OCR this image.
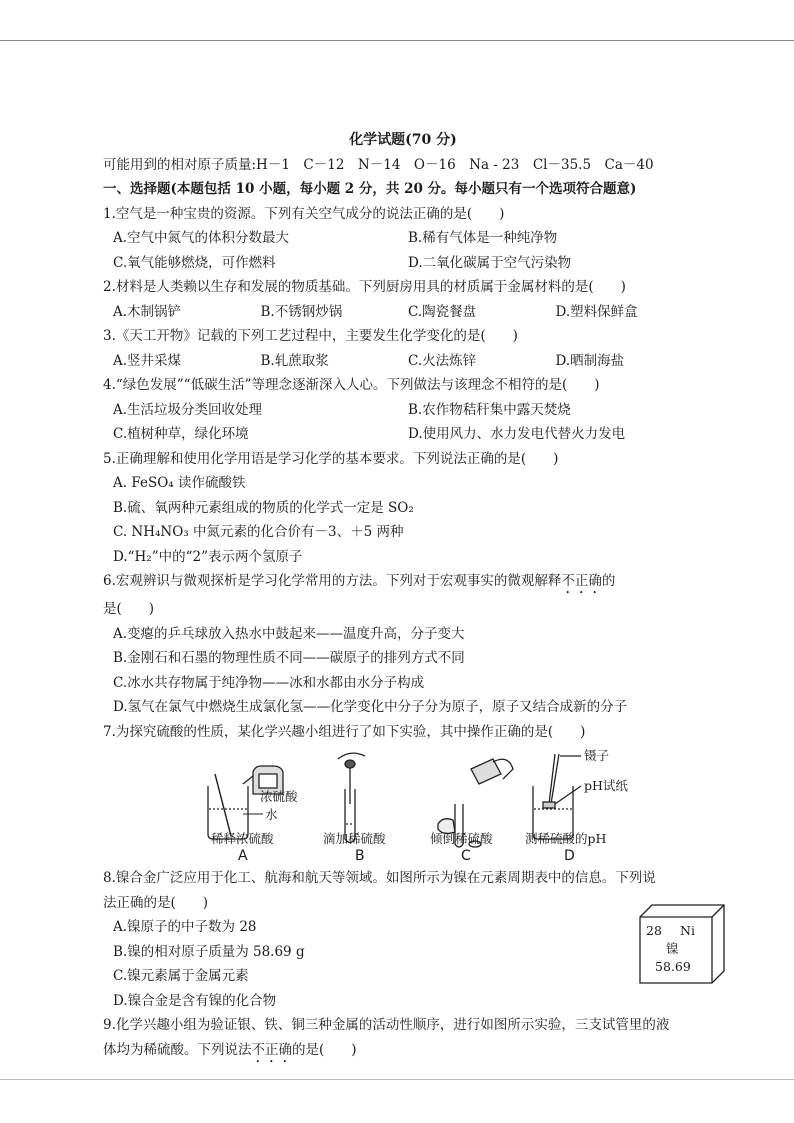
化学试题(70 分)
可能用到的相对原子质量:H－1　C－12　N－14　O－16　Na - 23　Cl－35.5　Ca－40
一、选择题(本题包括 10 小题，每小题 2 分，共 20 分。每小题只有一个选项符合题意)
1.空气是一种宝贵的资源。下列有关空气成分的说法正确的是(　　)
A.空气中氮气的体积分数最大	B.稀有气体是一种纯净物
C.氧气能够燃烧，可作燃料	D.二氧化碳属于空气污染物
2.材料是人类赖以生存和发展的物质基础。下列厨房用具的材质属于金属材料的是(　　)
A.木制锅铲	B.不锈钢炒锅	C.陶瓷餐盘	D.塑料保鲜盒
3.《天工开物》记载的下列工艺过程中，主要发生化学变化的是(　　)
A.竖井采煤	B.轧蔗取浆	C.火法炼锌	D.晒制海盐
4.“绿色发展”“低碳生活”等理念逐渐深入人心。下列做法与该理念不相符的是(　　)
A.生活垃圾分类回收处理	B.农作物秸秆集中露天焚烧
C.植树种草，绿化环境	D.使用风力、水力发电代替火力发电
5.正确理解和使用化学用语是学习化学的基本要求。下列说法正确的是(　　)
A. FeSO₄ 读作硫酸铁
B.硫、氧两种元素组成的物质的化学式一定是 SO₂
C. NH₄NO₃ 中氮元素的化合价有－3、＋5 两种
D.“H₂”中的“2”表示两个氢原子
6.宏观辨识与微观探析是学习化学常用的方法。下列对于宏观事实的微观解释不正确的
是(　　)
A.变瘪的乒乓球放入热水中鼓起来——温度升高，分子变大
B.金刚石和石墨的物理性质不同——碳原子的排列方式不同
C.冰水共存物属于纯净物——冰和水都由水分子构成
D.氢气在氯气中燃烧生成氯化氢——化学变化中分子分为原子，原子又结合成新的分子
7.为探究硫酸的性质，某化学兴趣小组进行了如下实验，其中操作正确的是(　　)
浓硫酸
水
镊子
pH试纸
稀释浓硫酸	滴加稀硫酸	倾倒稀硫酸	测稀硫酸的pH
A	B	C	D
8.镍合金广泛应用于化工、航海和航天等领域。如图所示为镍在元素周期表中的信息。下列说
法正确的是(　　)
A.镍原子的中子数为 28
B.镍的相对原子质量为 58.69 g
C.镍元素属于金属元素
D.镍合金是含有镍的化合物
28 Ni
镍
58.69
9.化学兴趣小组为验证银、铁、铜三种金属的活动性顺序，进行如图所示实验，三支试管里的液
体均为稀硫酸。下列说法不正确的是(　　)
